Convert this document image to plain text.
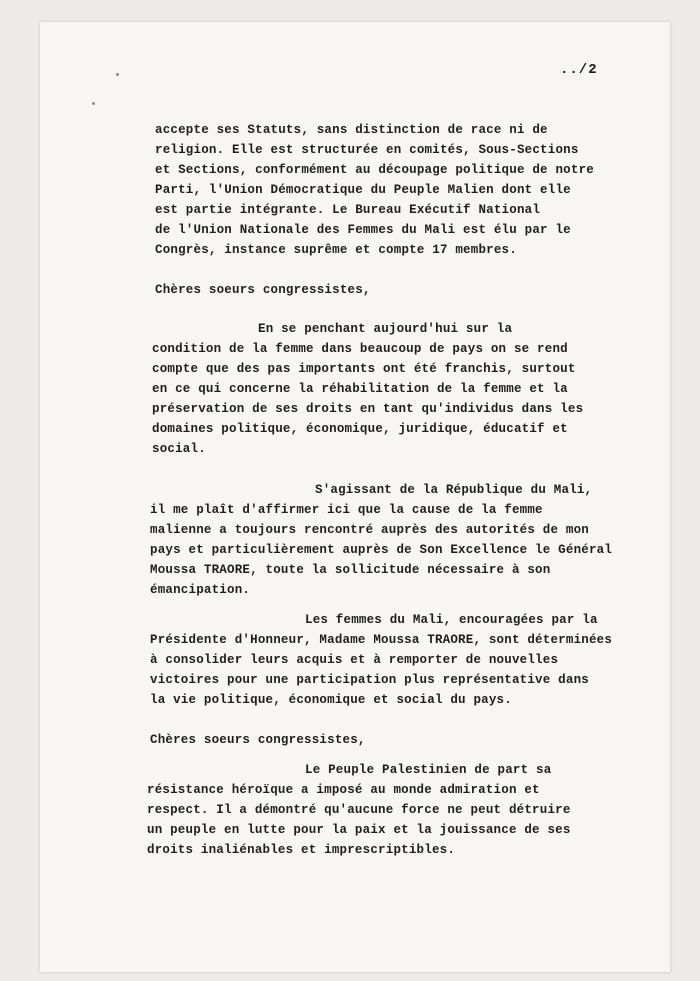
../2
accepte ses Statuts, sans distinction de race ni de
religion. Elle est structurée en comités, Sous-Sections
et Sections, conformément au découpage politique de notre
Parti, l'Union Démocratique du Peuple Malien dont elle
est partie intégrante. Le Bureau Exécutif National
de l'Union Nationale des Femmes du Mali est élu par le
Congrès, instance suprême et compte 17 membres.
Chères soeurs congressistes,
En se penchant aujourd'hui sur la
condition de la femme dans beaucoup de pays on se rend
compte que des pas importants ont été franchis, surtout
en ce qui concerne la réhabilitation de la femme et la
préservation de ses droits en tant qu'individus dans les
domaines politique, économique, juridique, éducatif et
social.
S'agissant de la République du Mali,
il me plaît d'affirmer ici que la cause de la femme
malienne a toujours rencontré auprès des autorités de mon
pays et particulièrement auprès de Son Excellence le Général
Moussa TRAORE, toute la sollicitude nécessaire à son
émancipation.
Les femmes du Mali, encouragées par la
Présidente d'Honneur, Madame Moussa TRAORE, sont déterminées
à consolider leurs acquis et à remporter de nouvelles
victoires pour une participation plus représentative dans
la vie politique, économique et social du pays.
Chères soeurs congressistes,
Le Peuple Palestinien de part sa
résistance héroïque a imposé au monde admiration et
respect. Il a démontré qu'aucune force ne peut détruire
un peuple en lutte pour la paix et la jouissance de ses
droits inaliénables et imprescriptibles.
